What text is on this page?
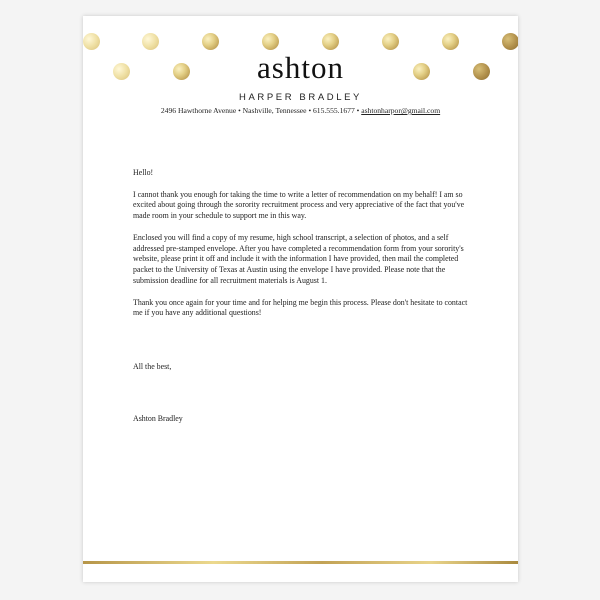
ashton
HARPER BRADLEY
2496 Hawthorne Avenue • Nashville, Tennessee • 615.555.1677 • ashtonharpor@gmail.com

Hello!

I cannot thank you enough for taking the time to write a letter of recommendation on my behalf! I am so excited about going through the sorority recruitment process and very appreciative of the fact that you've made room in your schedule to support me in this way.

Enclosed you will find a copy of my resume, high school transcript, a selection of photos, and a self addressed pre-stamped envelope. After you have completed a recommendation form from your sorority's website, please print it off and include it with the information I have provided, then mail the completed packet to the University of Texas at Austin using the envelope I have provided. Please note that the submission deadline for all recruitment materials is August 1.

Thank you once again for your time and for helping me begin this process. Please don't hesitate to contact me if you have any additional questions!

All the best,
Ashton Bradley
